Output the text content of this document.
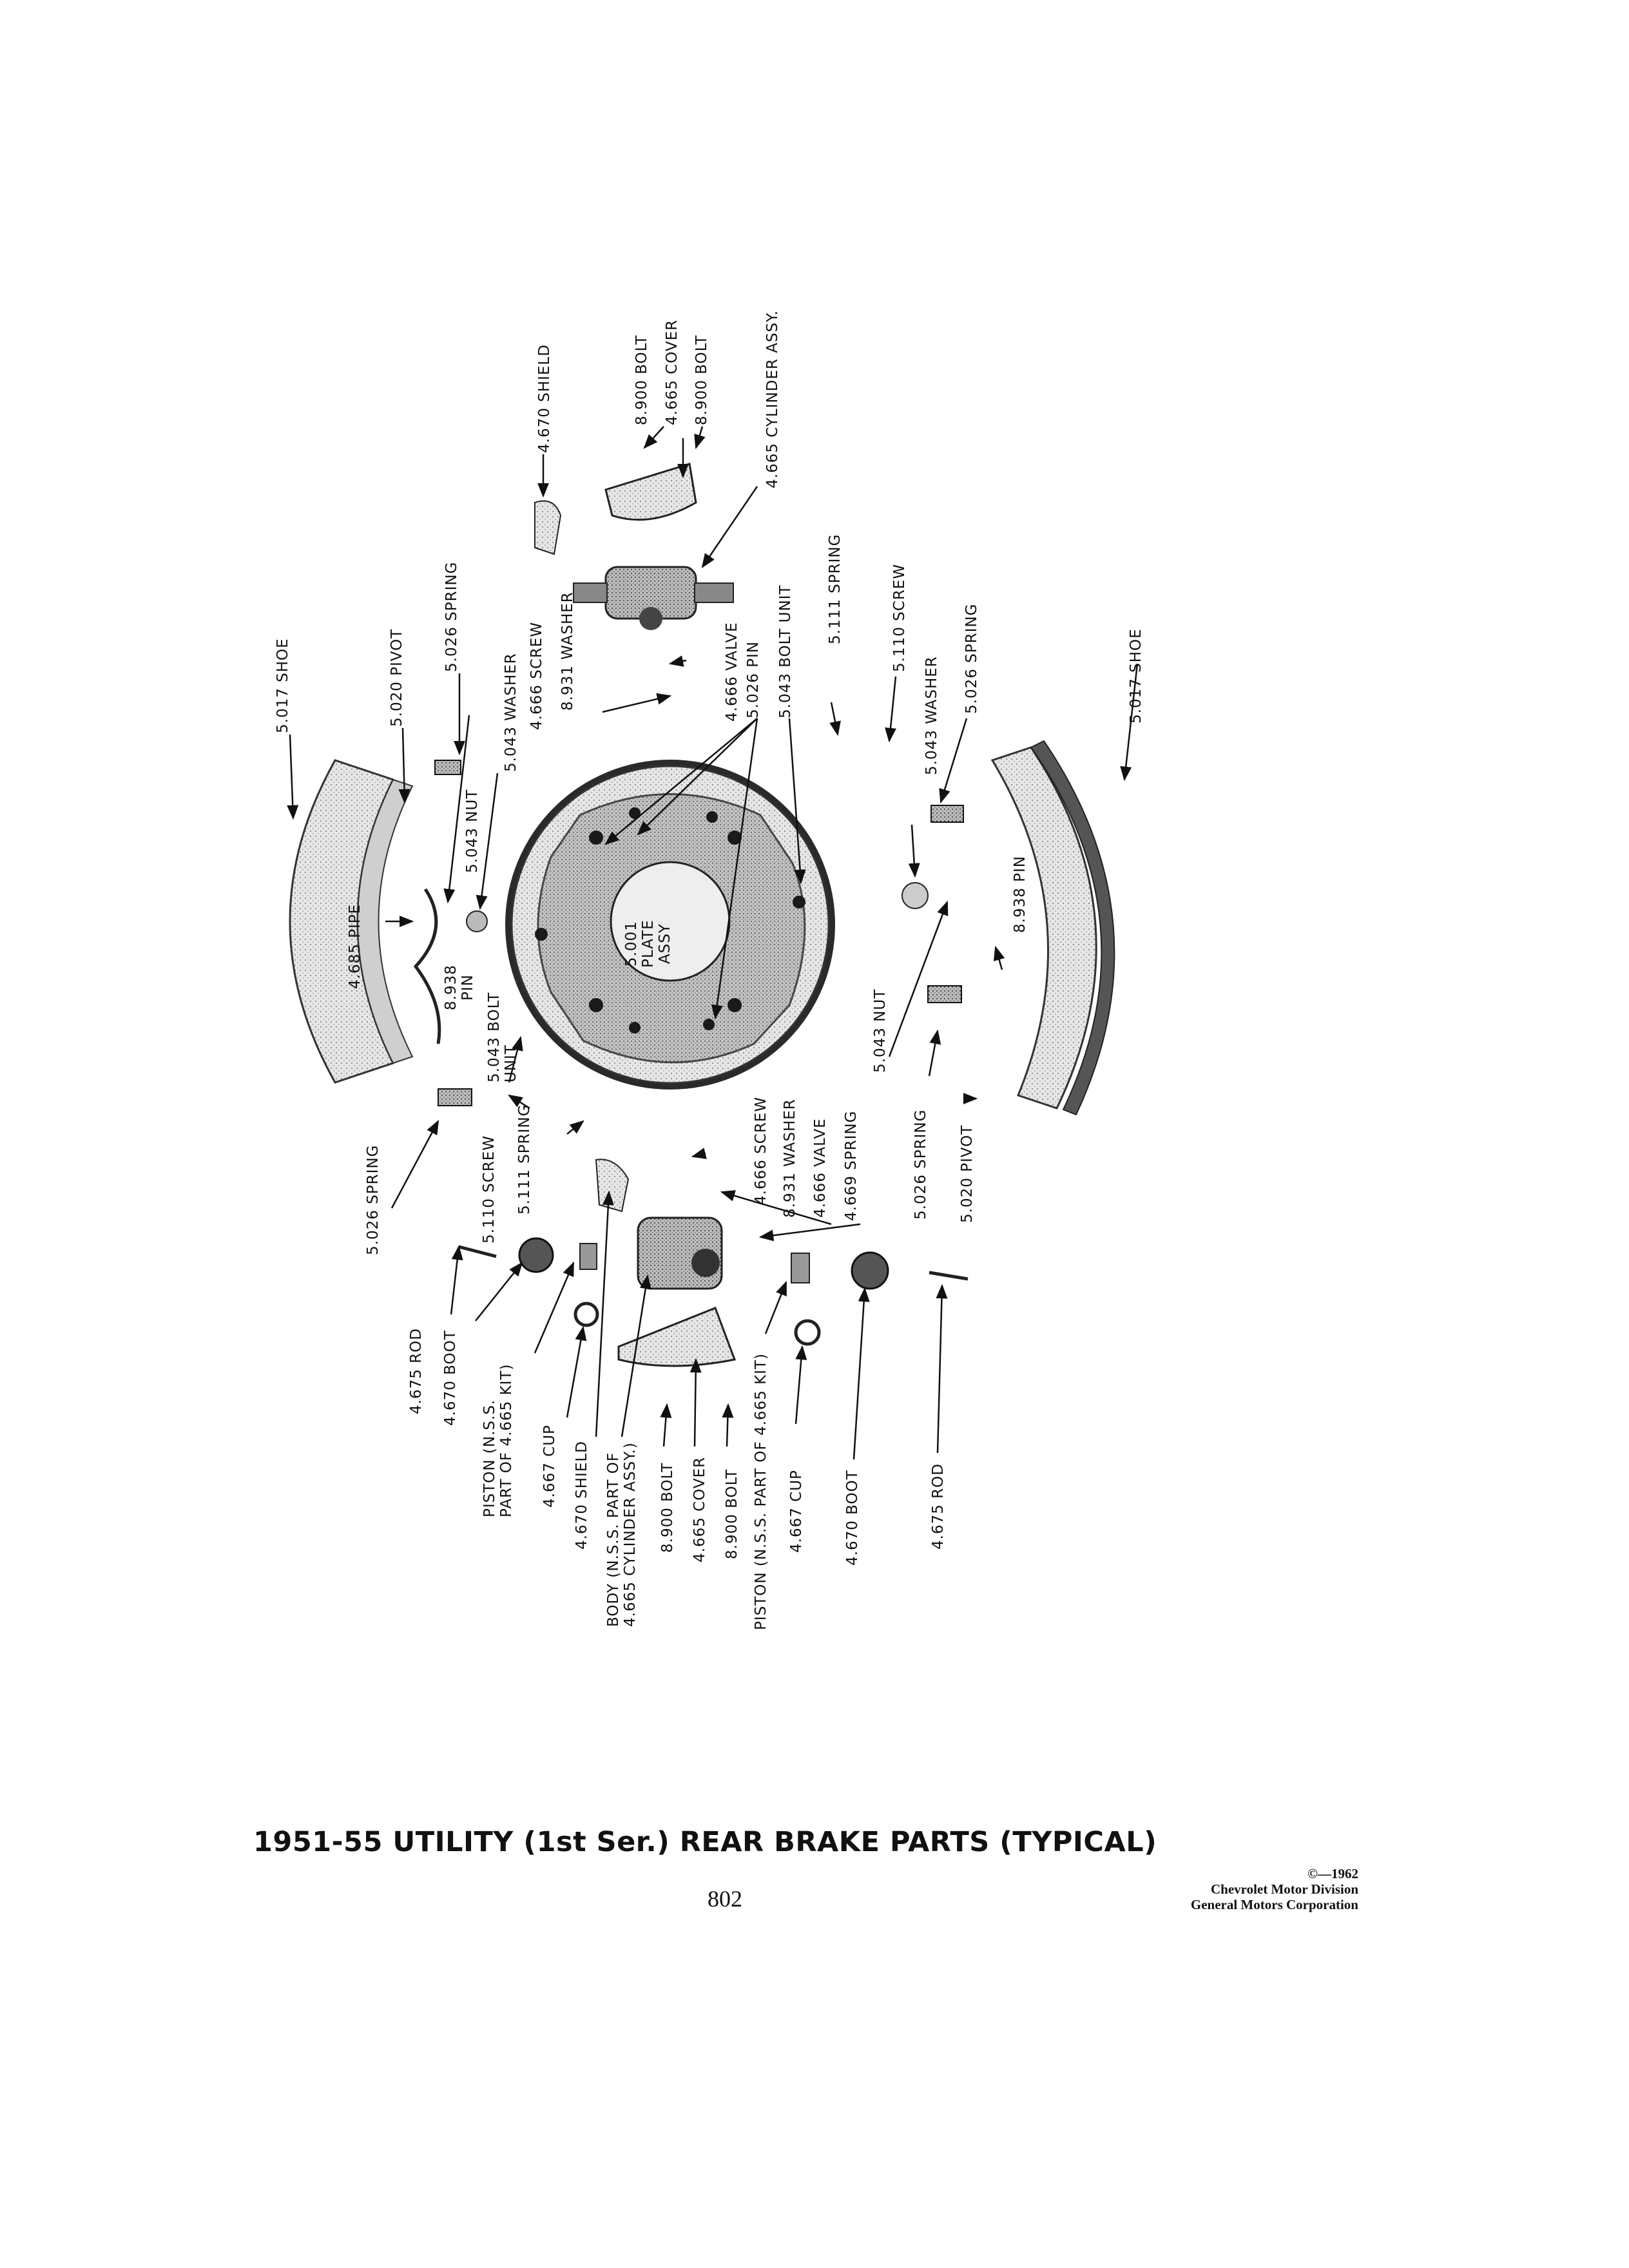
5.017 SHOE	5.020 PIVOT
5.026 SPRING
4.670 SHIELD	8.900 BOLT 4.665 COVER 8.900 BOLT	4.665 CYLINDER ASSY.
5.043 WASHER 4.666 SCREW 8.931 WASHER	4.666 VALVE 5.026 PIN 5.043 BOLT UNIT 5.111 SPRING	5.110 SCREW
5.043 WASHER 5.026 SPRING	5.017 SHOE
5.043 NUT
4.685 PIPE	8.938 PIN
5.043 BOLT UNIT
5.001 PLATE ASSY
8.938 PIN
5.043 NUT
5.026 SPRING 5.020 PIVOT
5.026 SPRING	5.110 SCREW 5.111 SPRING	4.666 SCREW 8.931 WASHER 4.666 VALVE 4.669 SPRING
4.675 ROD 4.670 BOOT
PISTON (N.S.S. PART OF 4.665 KIT) 4.667 CUP 4.670 SHIELD BODY (N.S.S. PART OF 4.665 CYLINDER ASSY.) 8.900 BOLT 4.665 COVER 8.900 BOLT PISTON (N.S.S. PART OF 4.665 KIT) 4.667 CUP	4.670 BOOT	4.675 ROD
1951-55 UTILITY (1st Ser.) REAR BRAKE PARTS (TYPICAL)
802
©—1962
Chevrolet Motor Division
General Motors Corporation
